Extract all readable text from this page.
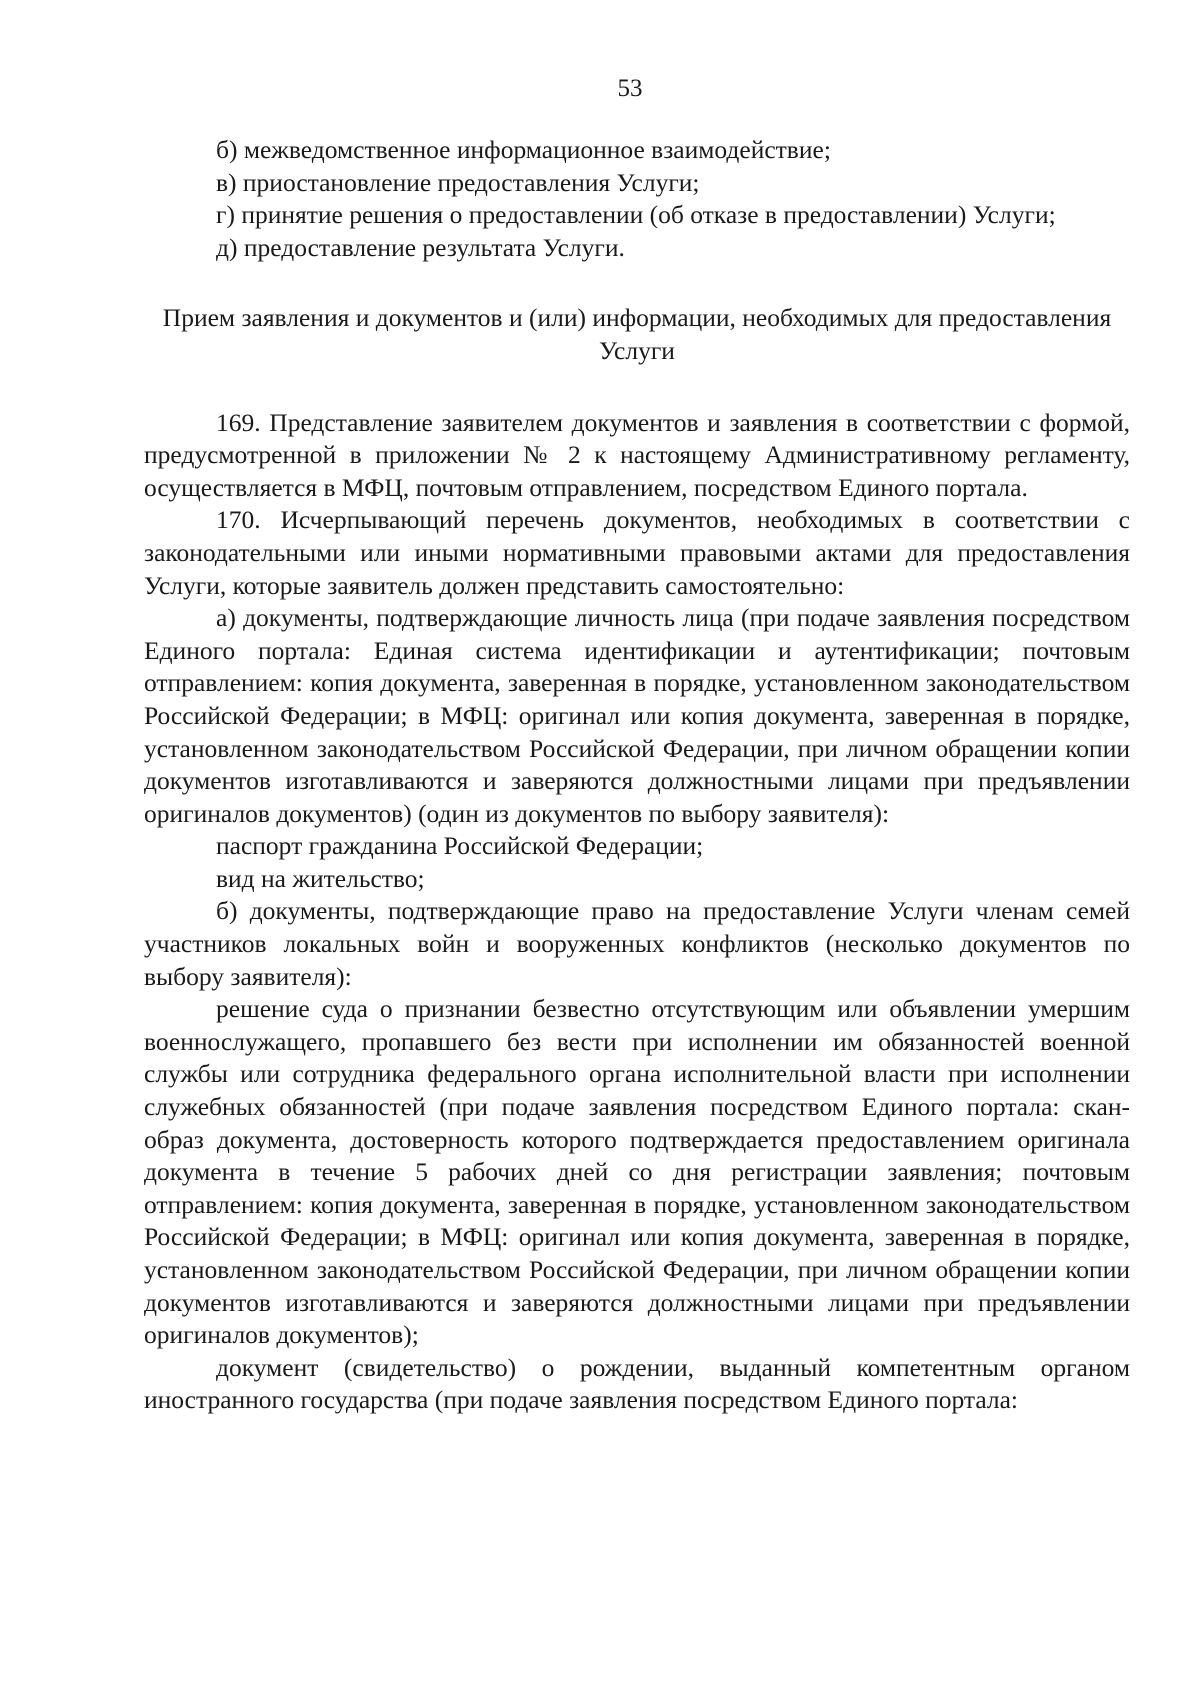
53

б) межведомственное информационное взаимодействие;

в) приостановление предоставления Услуги;

г) принятие решения о предоставлении (об отказе в предоставлении) Услуги;

д) предоставление результата Услуги.

Прием заявления и документов и (или) информации, необходимых для предоставления Услуги

169. Представление заявителем документов и заявления в соответствии с формой, предусмотренной в приложении № 2 к настоящему Административному регламенту, осуществляется в МФЦ, почтовым отправлением, посредством Единого портала.

170. Исчерпывающий перечень документов, необходимых в соответствии с законодательными или иными нормативными правовыми актами для предоставления Услуги, которые заявитель должен представить самостоятельно:

а) документы, подтверждающие личность лица (при подаче заявления посредством Единого портала: Единая система идентификации и аутентификации; почтовым отправлением: копия документа, заверенная в порядке, установленном законодательством Российской Федерации; в МФЦ: оригинал или копия документа, заверенная в порядке, установленном законодательством Российской Федерации, при личном обращении копии документов изготавливаются и заверяются должностными лицами при предъявлении оригиналов документов) (один из документов по выбору заявителя):

паспорт гражданина Российской Федерации;

вид на жительство;

б) документы, подтверждающие право на предоставление Услуги членам семей участников локальных войн и вооруженных конфликтов (несколько документов по выбору заявителя):

решение суда о признании безвестно отсутствующим или объявлении умершим военнослужащего, пропавшего без вести при исполнении им обязанностей военной службы или сотрудника федерального органа исполнительной власти при исполнении служебных обязанностей (при подаче заявления посредством Единого портала: скан-образ документа, достоверность которого подтверждается предоставлением оригинала документа в течение 5 рабочих дней со дня регистрации заявления; почтовым отправлением: копия документа, заверенная в порядке, установленном законодательством Российской Федерации; в МФЦ: оригинал или копия документа, заверенная в порядке, установленном законодательством Российской Федерации, при личном обращении копии документов изготавливаются и заверяются должностными лицами при предъявлении оригиналов документов);

документ (свидетельство) о рождении, выданный компетентным органом иностранного государства (при подаче заявления посредством Единого портала:
